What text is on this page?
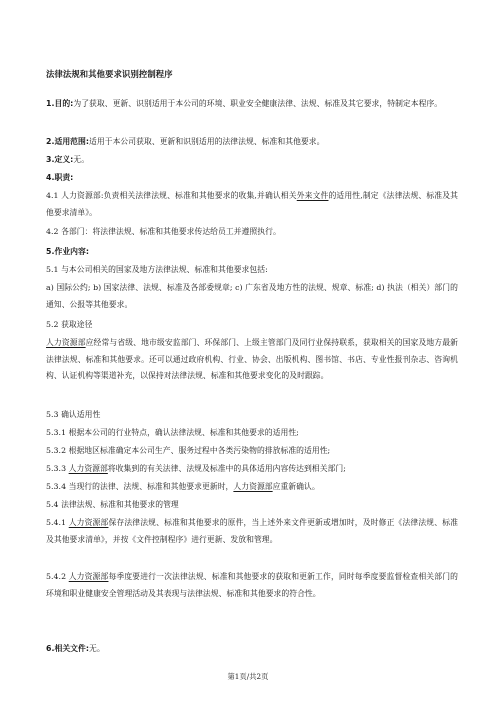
法律法规和其他要求识别控制程序
1.目的:为了获取、更新、识别适用于本公司的环境、职业安全健康法律、法规、标准及其它要求，特制定本程序。
2.适用范围:适用于本公司获取、更新和识别适用的法律法规、标准和其他要求。
3.定义:无。
4.职责:
4.1 人力资源部:负责相关法律法规、标准和其他要求的收集,并确认相关外来文件的适用性,制定《法律法规、标准及其他要求清单》。
4.2 各部门：将法律法规、标准和其他要求传达给员工并遵照执行。
5.作业内容:
5.1 与本公司相关的国家及地方法律法规、标准和其他要求包括:
a) 国际公约; b) 国家法律、法规、标准及各部委规章; c) 广东省及地方性的法规、规章、标准; d) 执法（相关）部门的通知、公报等其他要求。
5.2 获取途径
人力资源部应经常与省级、地市级安监部门、环保部门、上级主管部门及同行业保持联系，获取相关的国家及地方最新法律法规、标准和其他要求。还可以通过政府机构、行业、协会、出版机构、图书馆、书店、专业性报刊杂志、咨询机构、认证机构等渠道补充，以保持对法律法规、标准和其他要求变化的及时跟踪。
5.3 确认适用性
5.3.1 根据本公司的行业特点，确认法律法规、标准和其他要求的适用性;
5.3.2 根据地区标准确定本公司生产、服务过程中各类污染物的排放标准的适用性;
5.3.3 人力资源部将收集到的有关法律、法规及标准中的具体适用内容传达到相关部门;
5.3.4 当现行的法律、法规、标准和其他要求更新时，人力资源部应重新确认。
5.4 法律法规、标准和其他要求的管理
5.4.1 人力资源部保存法律法规、标准和其他要求的原件，当上述外来文件更新或增加时，及时修正《法律法规、标准及其他要求清单》，并按《文件控制程序》进行更新、发放和管理。
5.4.2 人力资源部每季度要进行一次法律法规、标准和其他要求的获取和更新工作，同时每季度要监督检查相关部门的环境和职业健康安全管理活动及其表现与法律法规、标准和其他要求的符合性。
6.相关文件:无。
第1页/共2页
